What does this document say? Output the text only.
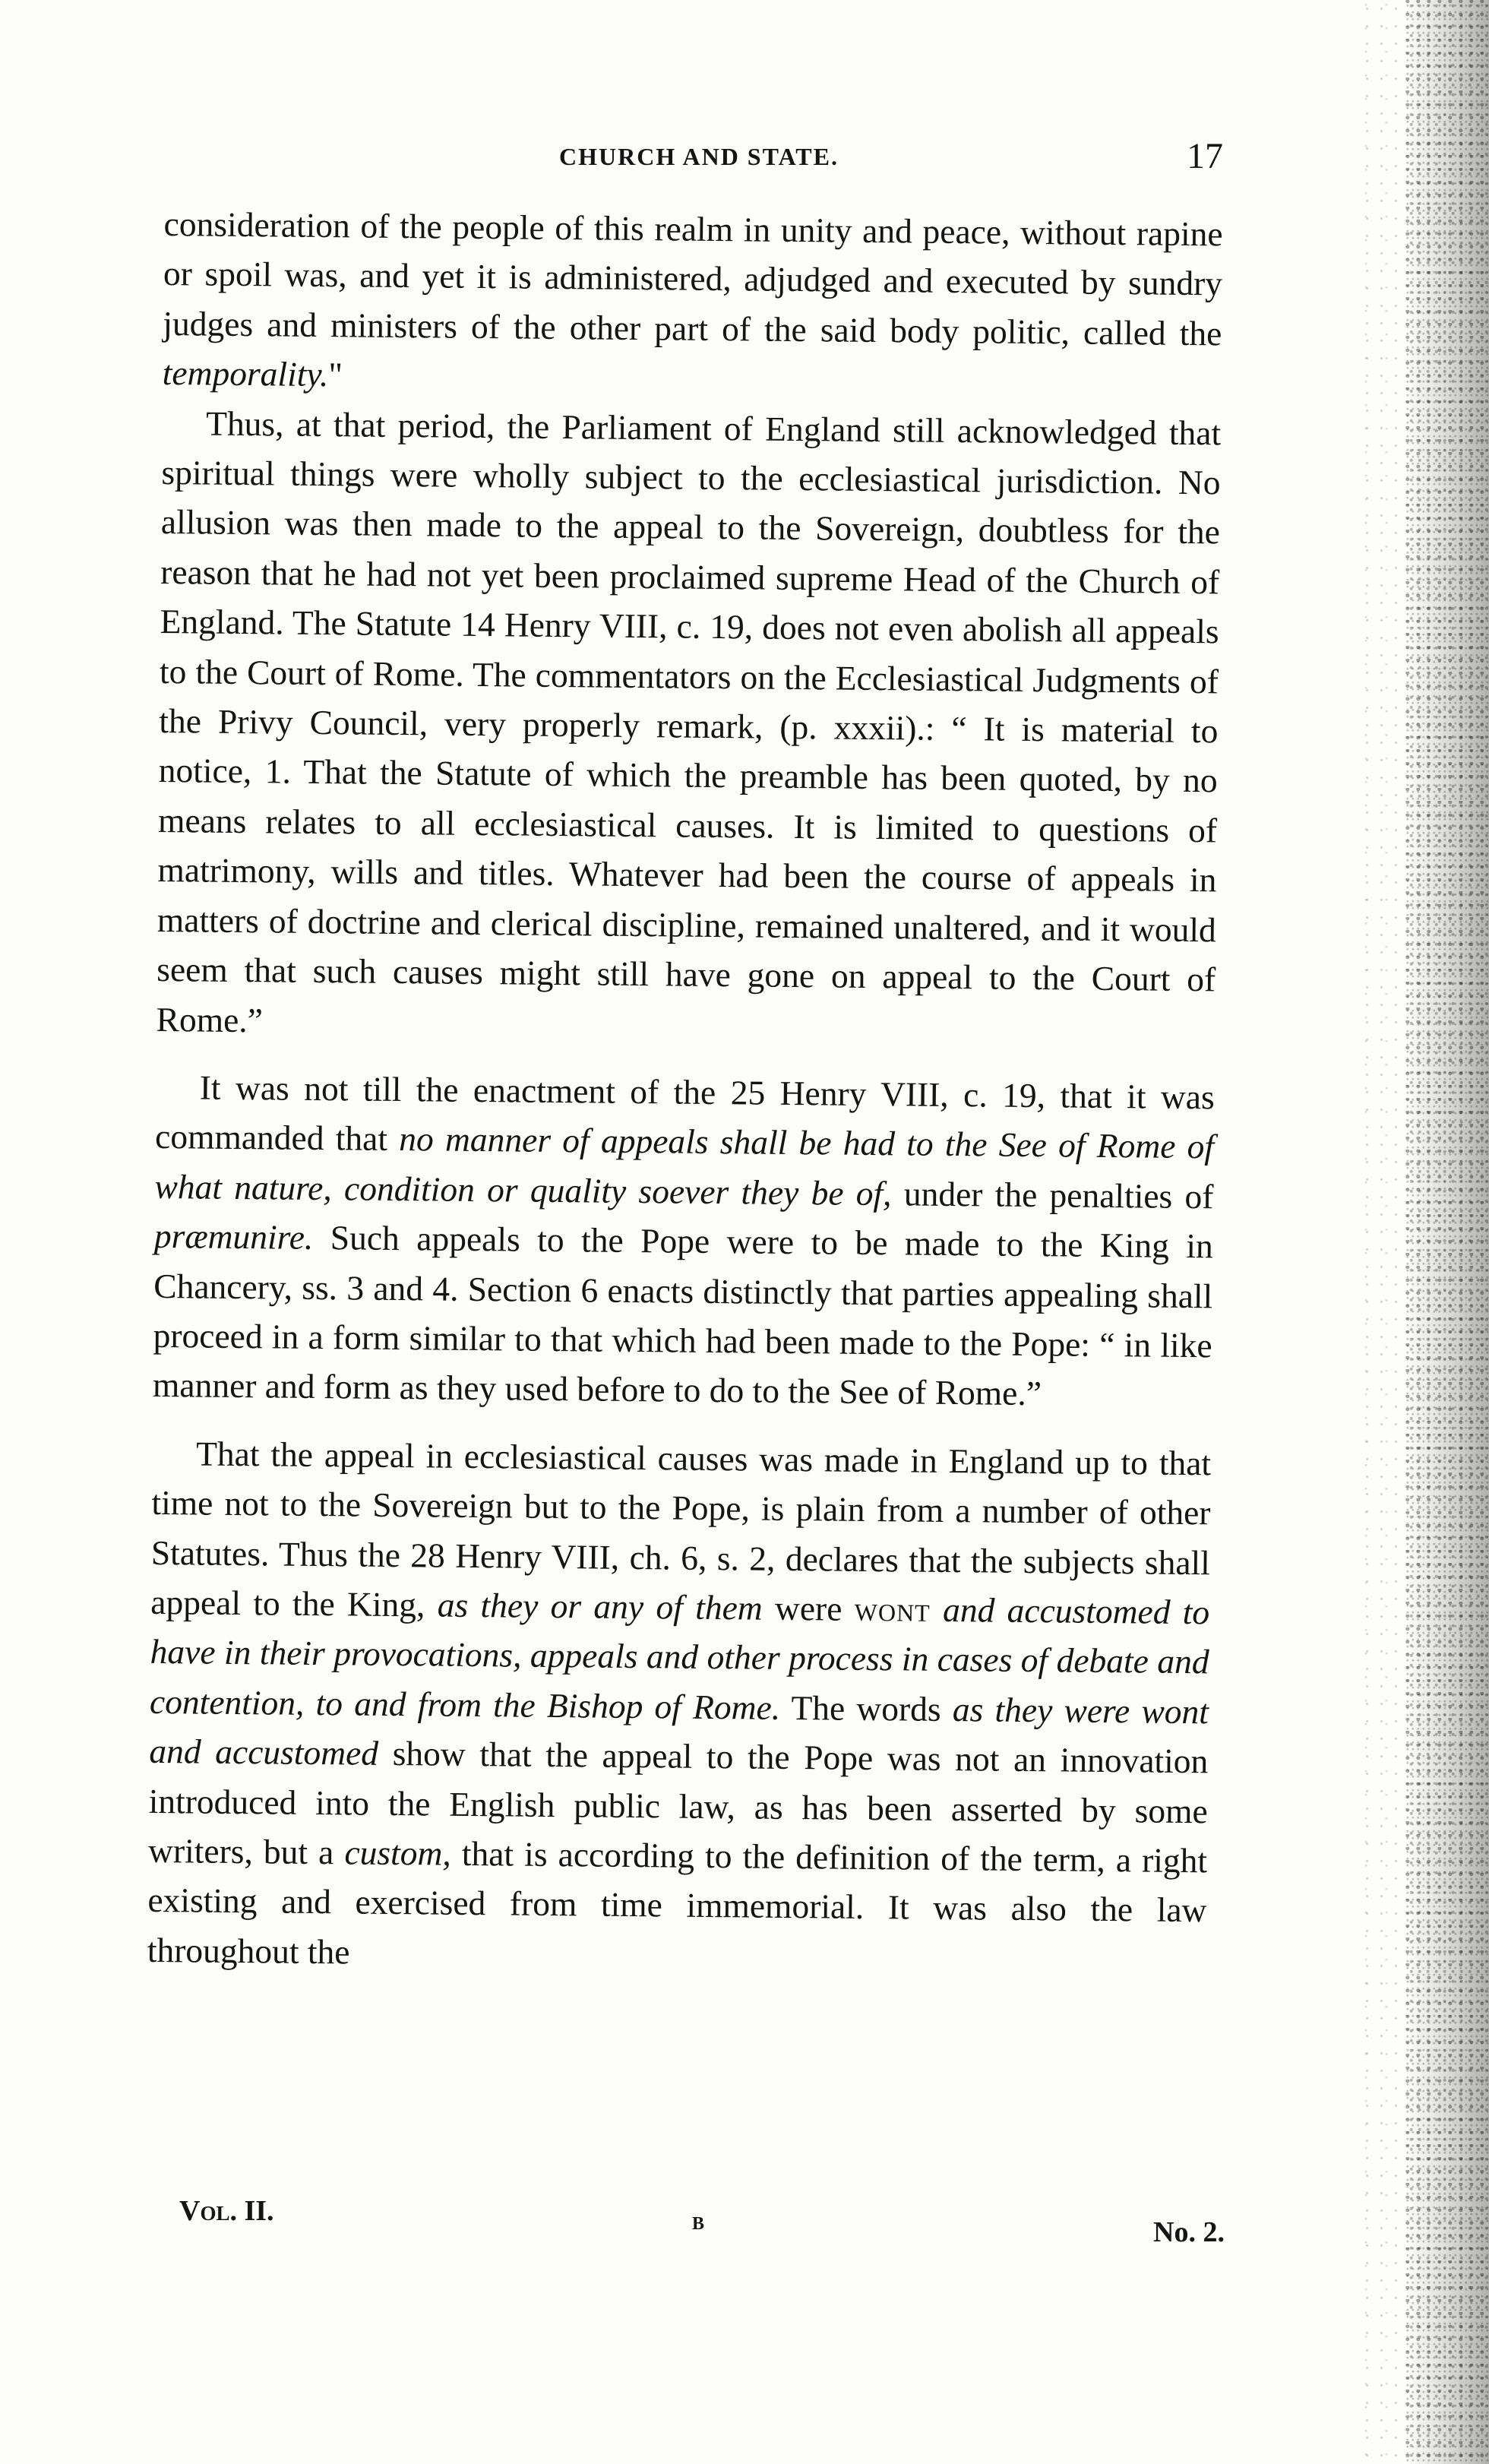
CHURCH AND STATE.	17

consideration of the people of this realm in unity and peace, without rapine or spoil was, and yet it is administered, adjudged and executed by sundry judges and ministers of the other part of the said body politic, called the temporality."

Thus, at that period, the Parliament of England still acknowledged that spiritual things were wholly subject to the ecclesiastical jurisdiction. No allusion was then made to the appeal to the Sovereign, doubtless for the reason that he had not yet been proclaimed supreme Head of the Church of England. The Statute 14 Henry VIII, c. 19, does not even abolish all appeals to the Court of Rome. The commentators on the Ecclesiastical Judgments of the Privy Council, very properly remark, (p. xxxii).: “ It is material to notice, 1. That the Statute of which the preamble has been quoted, by no means relates to all ecclesiastical causes. It is limited to questions of matrimony, wills and titles. Whatever had been the course of appeals in matters of doctrine and clerical discipline, remained unaltered, and it would seem that such causes might still have gone on appeal to the Court of Rome.”

It was not till the enactment of the 25 Henry VIII, c. 19, that it was commanded that no manner of appeals shall be had to the See of Rome of what nature, condition or quality soever they be of, under the penalties of præmunire. Such appeals to the Pope were to be made to the King in Chancery, ss. 3 and 4. Section 6 enacts distinctly that parties appealing shall proceed in a form similar to that which had been made to the Pope: “ in like manner and form as they used before to do to the See of Rome.”

That the appeal in ecclesiastical causes was made in England up to that time not to the Sovereign but to the Pope, is plain from a number of other Statutes. Thus the 28 Henry VIII, ch. 6, s. 2, declares that the subjects shall appeal to the King, as they or any of them were wont and accustomed to have in their provocations, appeals and other process in cases of debate and contention, to and from the Bishop of Rome. The words as they were wont and accustomed show that the appeal to the Pope was not an innovation introduced into the English public law, as has been asserted by some writers, but a custom, that is according to the definition of the term, a right existing and exercised from time immemorial. It was also the law throughout the

Vol. II.	B	No. 2.
